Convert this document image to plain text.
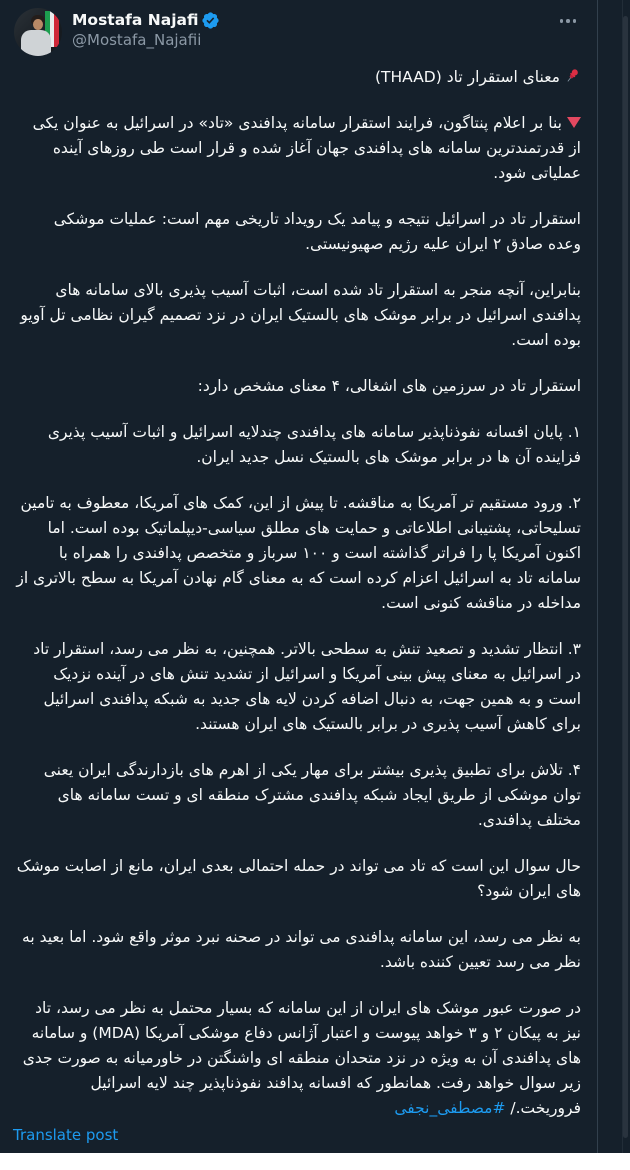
Mostafa Najafi
@Mostafa_Najafii

معنای استقرار تاد (THAAD)

بنا بر اعلام پنتاگون، فرایند استقرار سامانه پدافندی «تاد» در اسرائیل به عنوان یکی از قدرتمندترین سامانه های پدافندی جهان آغاز شده و قرار است طی روزهای آینده عملیاتی شود.

استقرار تاد در اسرائیل نتیجه و پیامد یک رویداد تاریخی مهم است: عملیات موشکی وعده صادق ۲ ایران علیه رژیم صهیونیستی.

بنابراین، آنچه منجر به استقرار تاد شده است، اثبات آسیب پذیری بالای سامانه های پدافندی اسرائیل در برابر موشک های بالستیک ایران در نزد تصمیم گیران نظامی تل آویو بوده است.

استقرار تاد در سرزمین های اشغالی، ۴ معنای مشخص دارد:

۱. پایان افسانه نفوذناپذیر سامانه های پدافندی چندلایه اسرائیل و اثبات آسیب پذیری فزاینده آن ها در برابر موشک های بالستیک نسل جدید ایران.

۲. ورود مستقیم تر آمریکا به مناقشه. تا پیش از این، کمک های آمریکا، معطوف به تامین تسلیحاتی، پشتیبانی اطلاعاتی و حمایت های مطلق سیاسی-دیپلماتیک بوده است. اما اکنون آمریکا پا را فراتر گذاشته است و ۱۰۰ سرباز و متخصص پدافندی را همراه با سامانه تاد به اسرائیل اعزام کرده است که به معنای گام نهادن آمریکا به سطح بالاتری از مداخله در مناقشه کنونی است.

۳. انتظار تشدید و تصعید تنش به سطحی بالاتر. همچنین، به نظر می رسد، استقرار تاد در اسرائیل به معنای پیش بینی آمریکا و اسرائیل از تشدید تنش های در آینده نزدیک است و به همین جهت، به دنبال اضافه کردن لایه های جدید به شبکه پدافندی اسرائیل برای کاهش آسیب پذیری در برابر بالستیک های ایران هستند.

۴. تلاش برای تطبیق پذیری بیشتر برای مهار یکی از اهرم های بازدارندگی ایران یعنی توان موشکی از طریق ایجاد شبکه پدافندی مشترک منطقه ای و تست سامانه های مختلف پدافندی.

حال سوال این است که تاد می تواند در حمله احتمالی بعدی ایران، مانع از اصابت موشک های ایران شود؟

به نظر می رسد، این سامانه پدافندی می تواند در صحنه نبرد موثر واقع شود. اما بعید به نظر می رسد تعیین کننده باشد.

در صورت عبور موشک های ایران از این سامانه که بسیار محتمل به نظر می رسد، تاد نیز به پیکان ۲ و ۳ خواهد پیوست و اعتبار آژانس دفاع موشکی آمریکا (MDA) و سامانه های پدافندی آن به ویژه در نزد متحدان منطقه ای واشنگتن در خاورمیانه به صورت جدی زیر سوال خواهد رفت. همانطور که افسانه پدافند نفوذناپذیر چند لایه اسرائیل فروریخت./ #مصطفی_نجفی

Translate post
